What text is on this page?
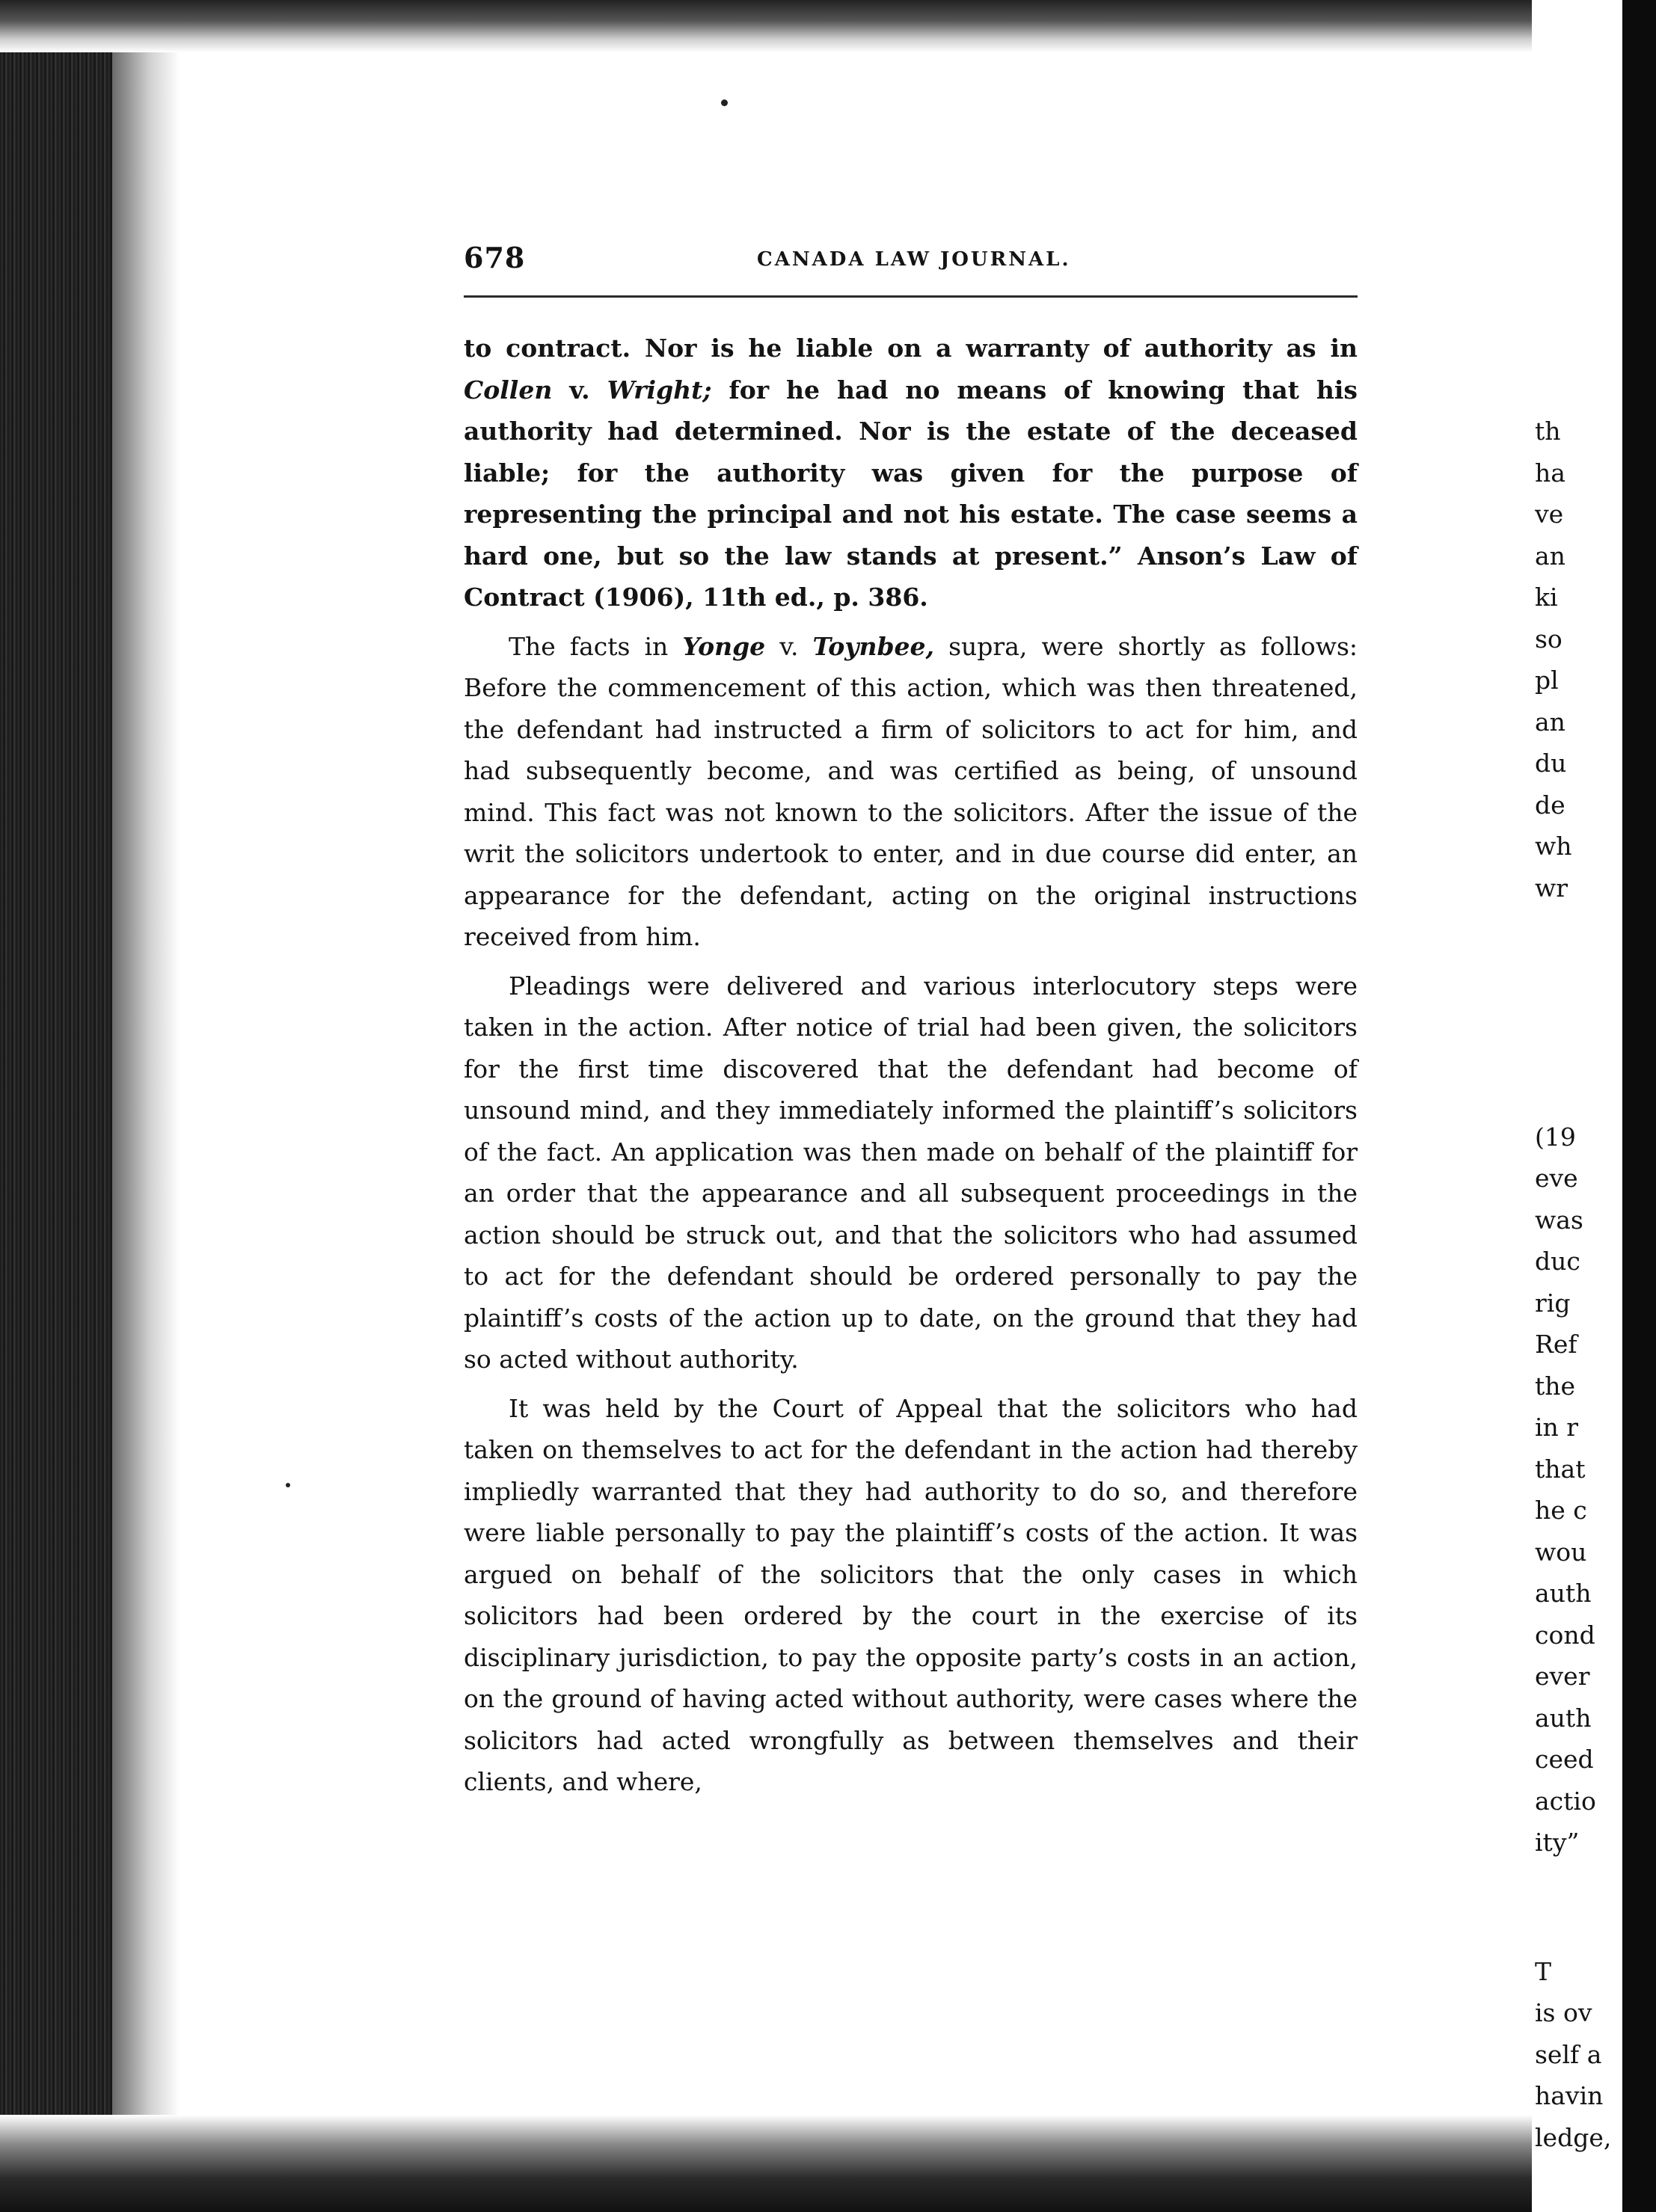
678	CANADA LAW JOURNAL.

to contract. Nor is he liable on a warranty of authority as in Collen v. Wright; for he had no means of knowing that his authority had determined. Nor is the estate of the deceased liable; for the authority was given for the purpose of representing the principal and not his estate. The case seems a hard one, but so the law stands at present.” Anson’s Law of Contract (1906), 11th ed., p. 386.

The facts in Yonge v. Toynbee, supra, were shortly as follows: Before the commencement of this action, which was then threatened, the defendant had instructed a firm of solicitors to act for him, and had subsequently become, and was certified as being, of unsound mind. This fact was not known to the solicitors. After the issue of the writ the solicitors undertook to enter, and in due course did enter, an appearance for the defendant, acting on the original instructions received from him.

Pleadings were delivered and various interlocutory steps were taken in the action. After notice of trial had been given, the solicitors for the first time discovered that the defendant had become of unsound mind, and they immediately informed the plaintiff’s solicitors of the fact. An application was then made on behalf of the plaintiff for an order that the appearance and all subsequent proceedings in the action should be struck out, and that the solicitors who had assumed to act for the defendant should be ordered personally to pay the plaintiff’s costs of the action up to date, on the ground that they had so acted without authority.

It was held by the Court of Appeal that the solicitors who had taken on themselves to act for the defendant in the action had thereby impliedly warranted that they had authority to do so, and therefore were liable personally to pay the plaintiff’s costs of the action. It was argued on behalf of the solicitors that the only cases in which solicitors had been ordered by the court in the exercise of its disciplinary jurisdiction, to pay the opposite party’s costs in an action, on the ground of having acted without authority, were cases where the solicitors had acted wrongfully as between themselves and their clients, and where,

th
ha
ve
an
ki
so
pl
an
du
de
wh
wr

(19
eve
was
duc
rig
Ref
the
in r
that
he c
wou
auth
cond
ever
auth
ceed
actio
ity”

T
is ov
self a
havin
ledge,
